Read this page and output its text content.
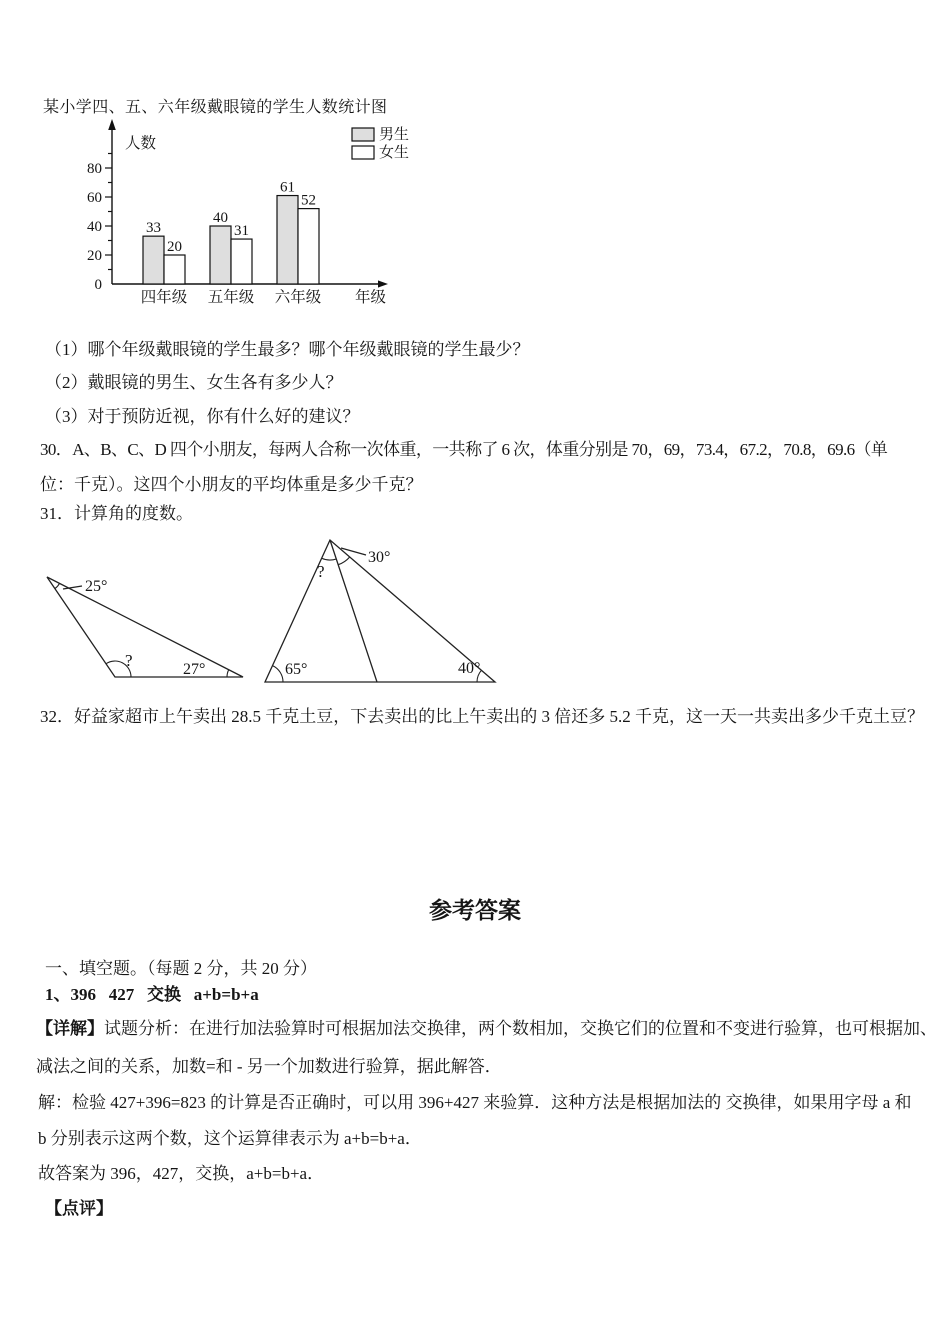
某小学四、五、六年级戴眼镜的学生人数统计图
20
40
60
80
0
人数
年级
33
20
四年级
40
31
五年级
61
52
六年级
男生
女生
（1）哪个年级戴眼镜的学生最多？哪个年级戴眼镜的学生最少？
（2）戴眼镜的男生、女生各有多少人？
（3）对于预防近视，你有什么好的建议？
30．A、B、C、D 四个小朋友，每两人合称一次体重，一共称了 6 次，体重分别是 70，69，73.4，67.2，70.8，69.6（单
位：千克）。这四个小朋友的平均体重是多少千克？
31．计算角的度数。
25°
?	27°
?
30°
65°	40°
32．好益家超市上午卖出 28.5 千克土豆，下去卖出的比上午卖出的 3 倍还多 5.2 千克，这一天一共卖出多少千克土豆？
参考答案
一、填空题。（每题 2 分，共 20 分）
1、396   427   交换   a+b=b+a
【详解】试题分析：在进行加法验算时可根据加法交换律，两个数相加，交换它们的位置和不变进行验算，也可根据加、
减法之间的关系，加数=和 - 另一个加数进行验算，据此解答．
解：检验 427+396=823 的计算是否正确时，可以用 396+427 来验算．这种方法是根据加法的 交换律，如果用字母 a 和
b 分别表示这两个数，这个运算律表示为 a+b=b+a．
故答案为 396，427，交换，a+b=b+a．
【点评】
